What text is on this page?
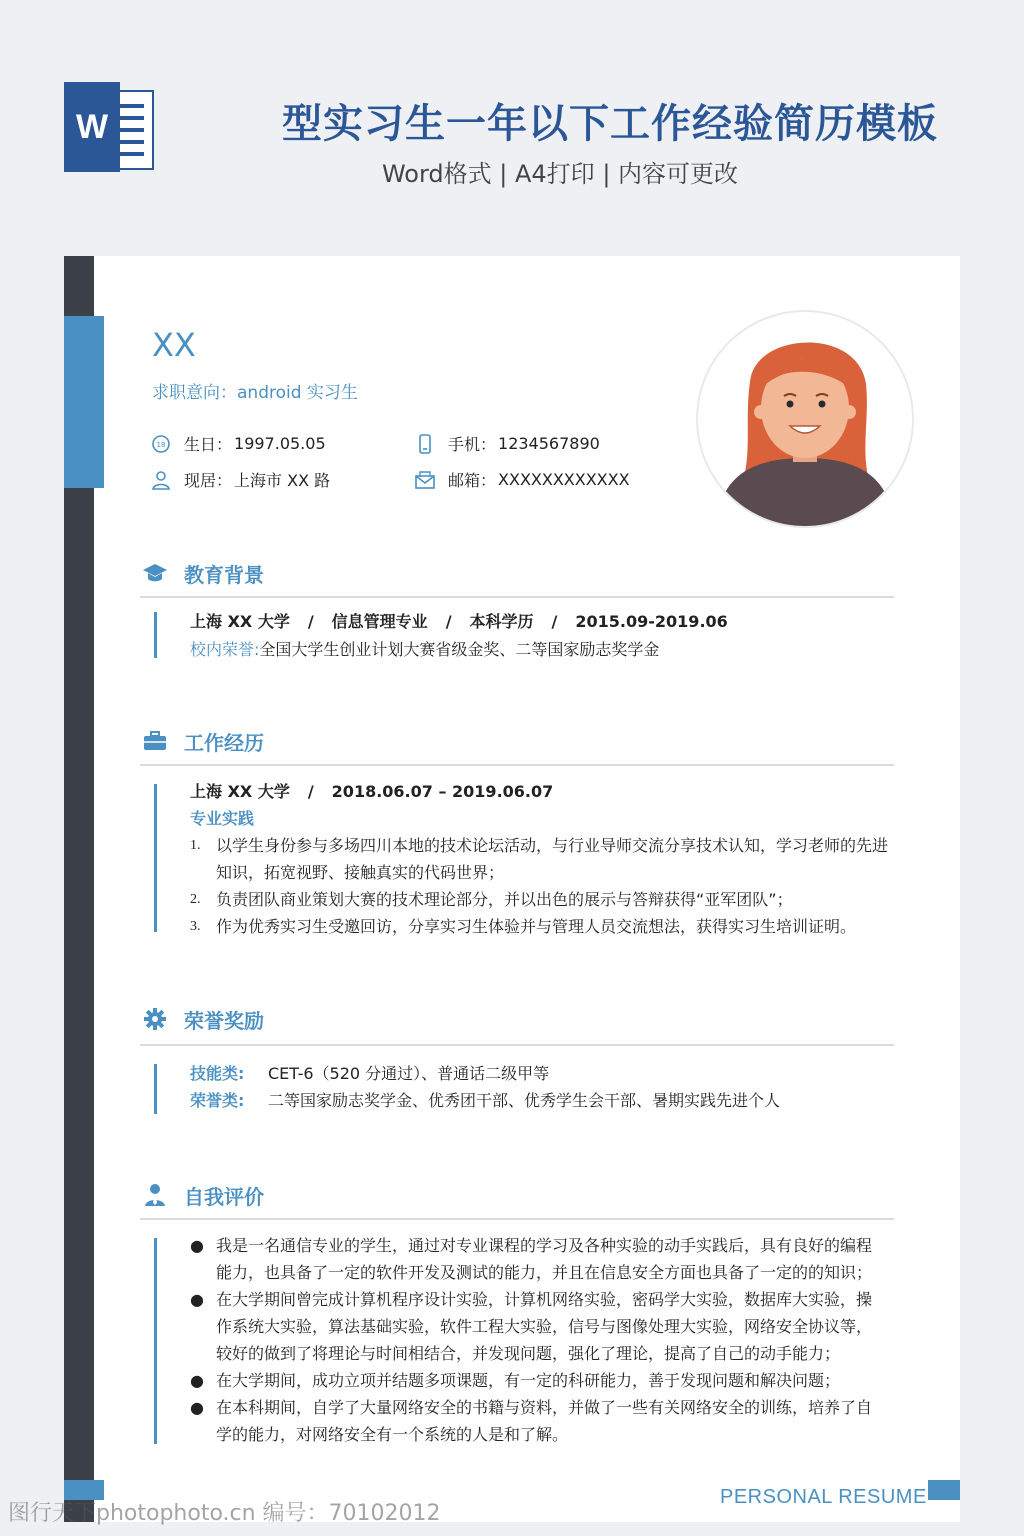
W	型实习生一年以下工作经验简历模板
Word格式 | A4打印 | 内容可更改
XX
求职意向：android 实习生
18 生日： 1997.05.05	手机： 1234567890
现居： 上海市 XX 路	邮箱： XXXXXXXXXXXX
教育背景
上海 XX 大学 / 信息管理专业 / 本科学历 / 2015.09-2019.06
校内荣誉:全国大学生创业计划大赛省级金奖、二等国家励志奖学金
工作经历
上海 XX 大学 / 2018.06.07 – 2019.06.07
专业实践
1. 以学生身份参与多场四川本地的技术论坛活动，与行业导师交流分享技术认知，学习老师的先进知识，拓宽视野、接触真实的代码世界；
2. 负责团队商业策划大赛的技术理论部分，并以出色的展示与答辩获得“亚军团队”；
3. 作为优秀实习生受邀回访，分享实习生体验并与管理人员交流想法，获得实习生培训证明。
荣誉奖励
技能类: CET-6（520 分通过）、普通话二级甲等
荣誉类: 二等国家励志奖学金、优秀团干部、优秀学生会干部、暑期实践先进个人
自我评价
● 我是一名通信专业的学生，通过对专业课程的学习及各种实验的动手实践后，具有良好的编程能力，也具备了一定的软件开发及测试的能力，并且在信息安全方面也具备了一定的的知识；
● 在大学期间曾完成计算机程序设计实验，计算机网络实验，密码学大实验，数据库大实验，操作系统大实验，算法基础实验，软件工程大实验，信号与图像处理大实验，网络安全协议等，较好的做到了将理论与时间相结合，并发现问题，强化了理论，提高了自己的动手能力；
● 在大学期间，成功立项并结题多项课题，有一定的科研能力，善于发现问题和解决问题；
● 在本科期间，自学了大量网络安全的书籍与资料，并做了一些有关网络安全的训练，培养了自学的能力，对网络安全有一个系统的人是和了解。
PERSONAL RESUME
图行天下photophoto.cn 编号：70102012
